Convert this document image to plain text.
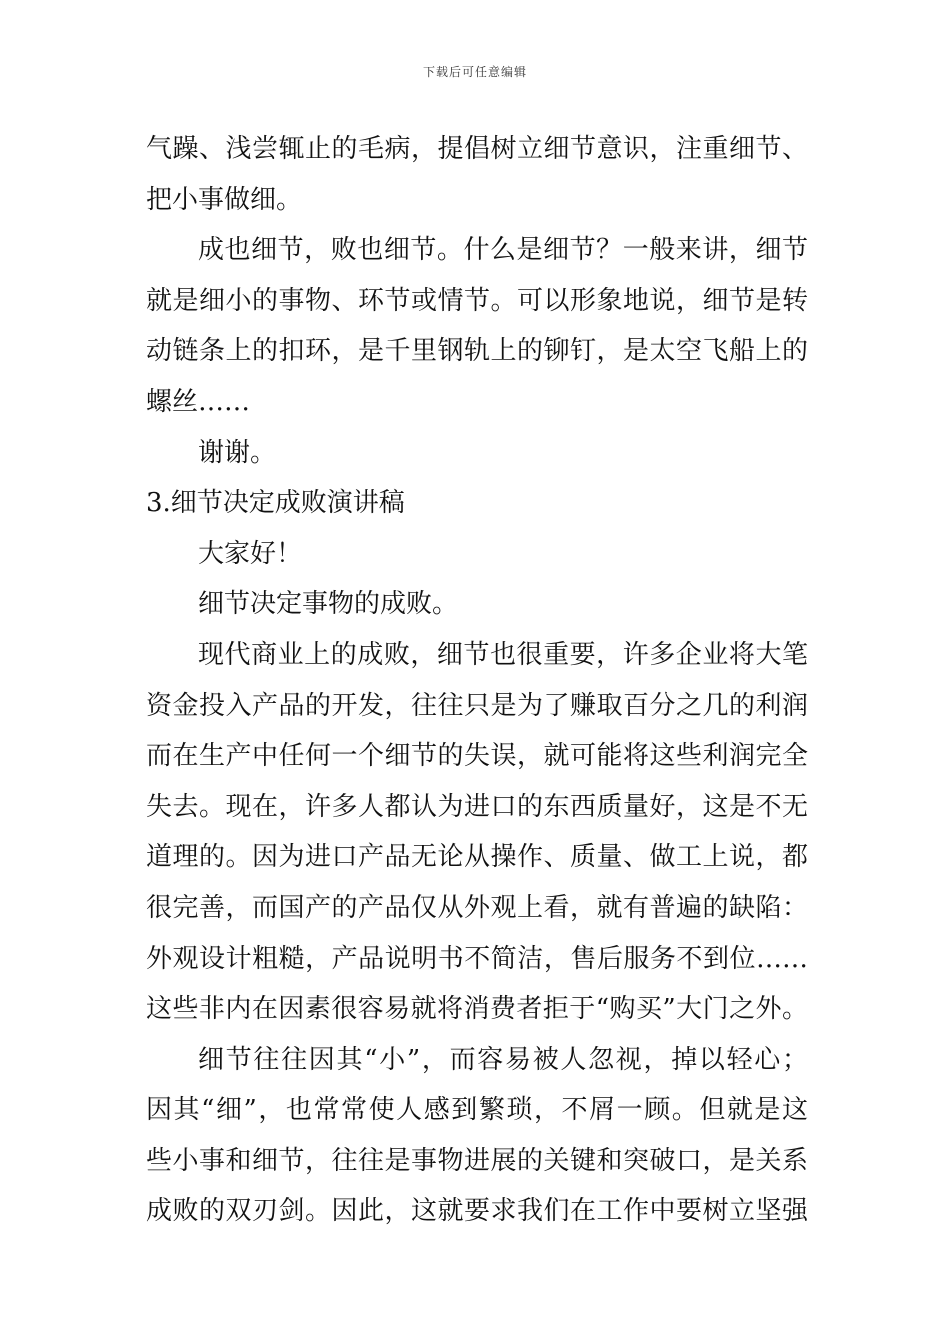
下载后可任意编辑
气躁、浅尝辄止的毛病，提倡树立细节意识，注重细节、
把小事做细。
成也细节，败也细节。什么是细节？一般来讲，细节
就是细小的事物、环节或情节。可以形象地说，细节是转
动链条上的扣环，是千里钢轨上的铆钉，是太空飞船上的
螺丝……
谢谢。
3.细节决定成败演讲稿
大家好！
细节决定事物的成败。
现代商业上的成败，细节也很重要，许多企业将大笔
资金投入产品的开发，往往只是为了赚取百分之几的利润
而在生产中任何一个细节的失误，就可能将这些利润完全
失去。现在，许多人都认为进口的东西质量好，这是不无
道理的。因为进口产品无论从操作、质量、做工上说，都
很完善，而国产的产品仅从外观上看，就有普遍的缺陷：
外观设计粗糙，产品说明书不简洁，售后服务不到位……
这些非内在因素很容易就将消费者拒于“购买”大门之外。
细节往往因其“小”，而容易被人忽视，掉以轻心；
因其“细”，也常常使人感到繁琐，不屑一顾。但就是这
些小事和细节，往往是事物进展的关键和突破口，是关系
成败的双刃剑。因此，这就要求我们在工作中要树立坚强
